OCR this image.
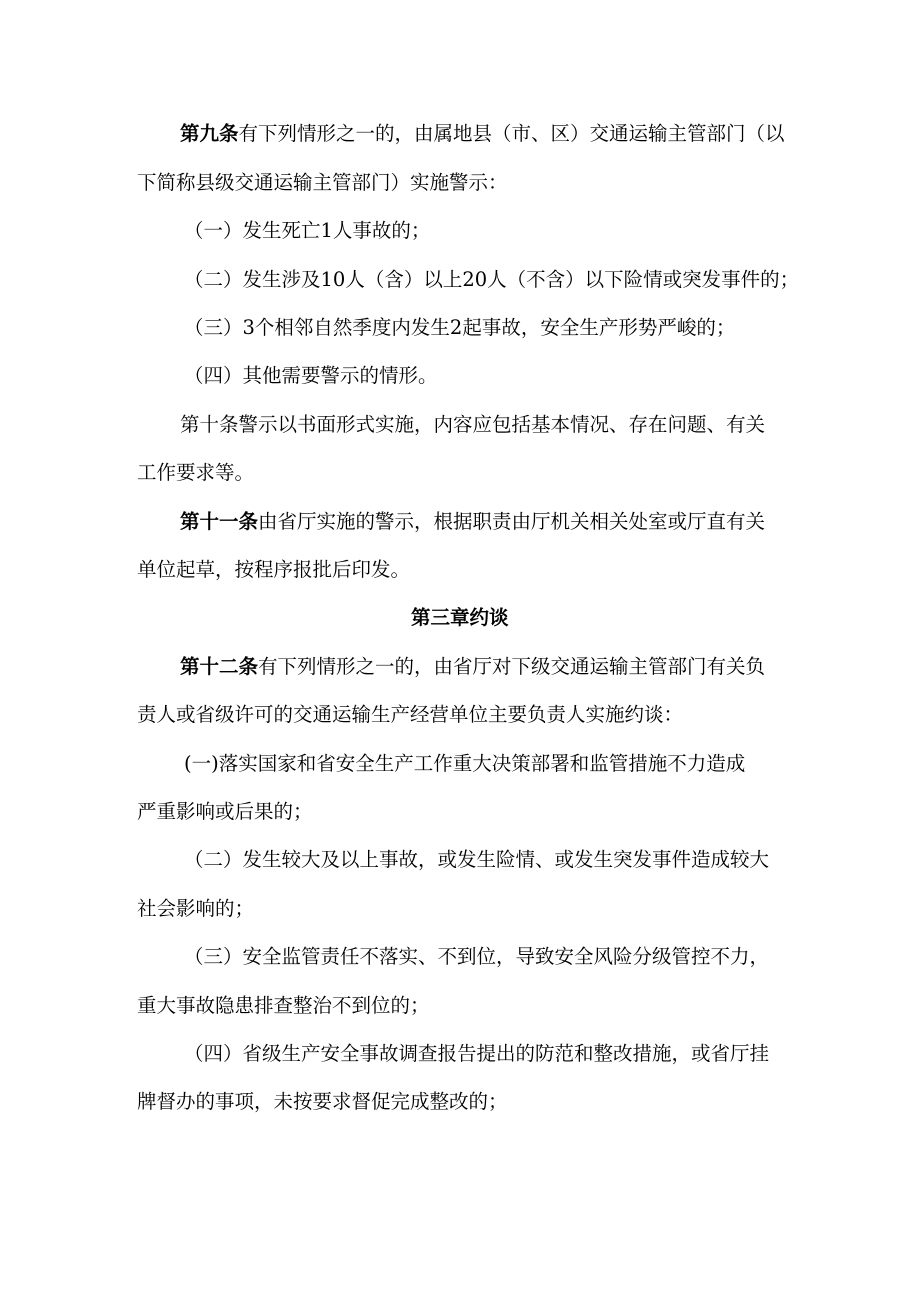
第九条有下列情形之一的，由属地县（市、区）交通运输主管部门（以
下简称县级交通运输主管部门）实施警示：
（一）发生死亡1人事故的；
（二）发生涉及10人（含）以上20人（不含）以下险情或突发事件的；
（三）3个相邻自然季度内发生2起事故，安全生产形势严峻的；
（四）其他需要警示的情形。
第十条警示以书面形式实施，内容应包括基本情况、存在问题、有关
工作要求等。
第十一条由省厅实施的警示，根据职责由厅机关相关处室或厅直有关
单位起草，按程序报批后印发。
第三章约谈
第十二条有下列情形之一的，由省厅对下级交通运输主管部门有关负
责人或省级许可的交通运输生产经营单位主要负责人实施约谈：
(一)落实国家和省安全生产工作重大决策部署和监管措施不力造成
严重影响或后果的；
（二）发生较大及以上事故，或发生险情、或发生突发事件造成较大
社会影响的；
（三）安全监管责任不落实、不到位，导致安全风险分级管控不力，
重大事故隐患排查整治不到位的；
（四）省级生产安全事故调查报告提出的防范和整改措施，或省厅挂
牌督办的事项，未按要求督促完成整改的；
